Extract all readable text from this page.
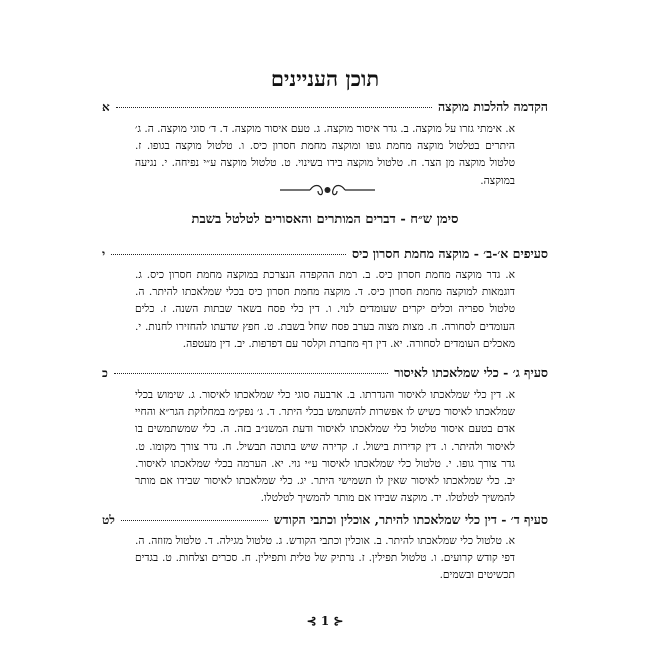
תוכן העניינים
הקדמה להלכות מוקצה
א
א. אימתי גזרו על מוקצה. ב. גדר איסור מוקצה. ג. טעם איסור מוקצה. ד. ד׳ סוגי מוקצה. ה. ג׳ היתרים בטלטול מוקצה מחמת גופו ומוקצה מחמת חסרון כיס. ו. טלטול מוקצה בגופו. ז. טלטול מוקצה מן הצד. ח. טלטול מוקצה בידו בשינוי. ט. טלטול מוקצה ע״י נפיחה. י. נגיעה במוקצה.
סימן ש״ח - דברים המותרים והאסורים לטלטל בשבת
סעיפים א׳-ב׳ - מוקצה מחמת חסרון כיס
י
א. גדר מוקצה מחמת חסרון כיס. ב. רמת ההקפדה הנצרכת במוקצה מחמת חסרון כיס. ג. דוגמאות למוקצה מחמת חסרון כיס. ד. מוקצה מחמת חסרון כיס בכלי שמלאכתו להיתר. ה. טלטול ספריה וכלים יקרים שעומדים לנוי. ו. דין כלי פסח בשאר שבתות השנה. ז. כלים העומדים לסחורה. ח. מצות מצוה בערב פסח שחל בשבת. ט. חפץ שדעתו להחזירו לחנות. י. מאכלים העומדים לסחורה. יא. דין דף מחברת וקלסר עם דפדפות. יב. דין מעטפה.
סעיף ג׳ - כלי שמלאכתו לאיסור
כ
א. דין כלי שמלאכתו לאיסור והגדרתו. ב. ארבעה סוגי כלי שמלאכתו לאיסור. ג. שימוש בכלי שמלאכתו לאיסור כשיש לו אפשרות להשתמש בכלי היתר. ד. ג׳ נפק״מ במחלוקת הגר״א והחיי אדם בטעם איסור טלטול כלי שמלאכתו לאיסור ודעת המשנ״ב בזה. ה. כלי שמשתמשים בו לאיסור ולהיתר. ו. דין קדירות בישול. ז. קדירה שיש בתוכה תבשיל. ח. גדר צורך מקומו. ט. גדר צורך גופו. י. טלטול כלי שמלאכתו לאיסור ע״י גוי. יא. הערמה בכלי שמלאכתו לאיסור. יב. כלי שמלאכתו לאיסור שאין לו תשמישי היתר. יג. כלי שמלאכתו לאיסור שבידו אם מותר להמשיך לטלטלו. יד. מוקצה שבידו אם מותר להמשיך לטלטלו.
סעיף ד׳ - דין כלי שמלאכתו להיתר, אוכלין וכתבי הקודש
לט
א. טלטול כלי שמלאכתו להיתר. ב. אוכלין וכתבי הקודש. ג. טלטול מגילה. ד. טלטול מזוזה. ה. דפי קודש קרועים. ו. טלטול תפילין. ז. נרתיק של טלית ותפילין. ח. סכרים וצלחות. ט. בגדים תכשיטים ובשמים.
⊰ 1 ⊱
